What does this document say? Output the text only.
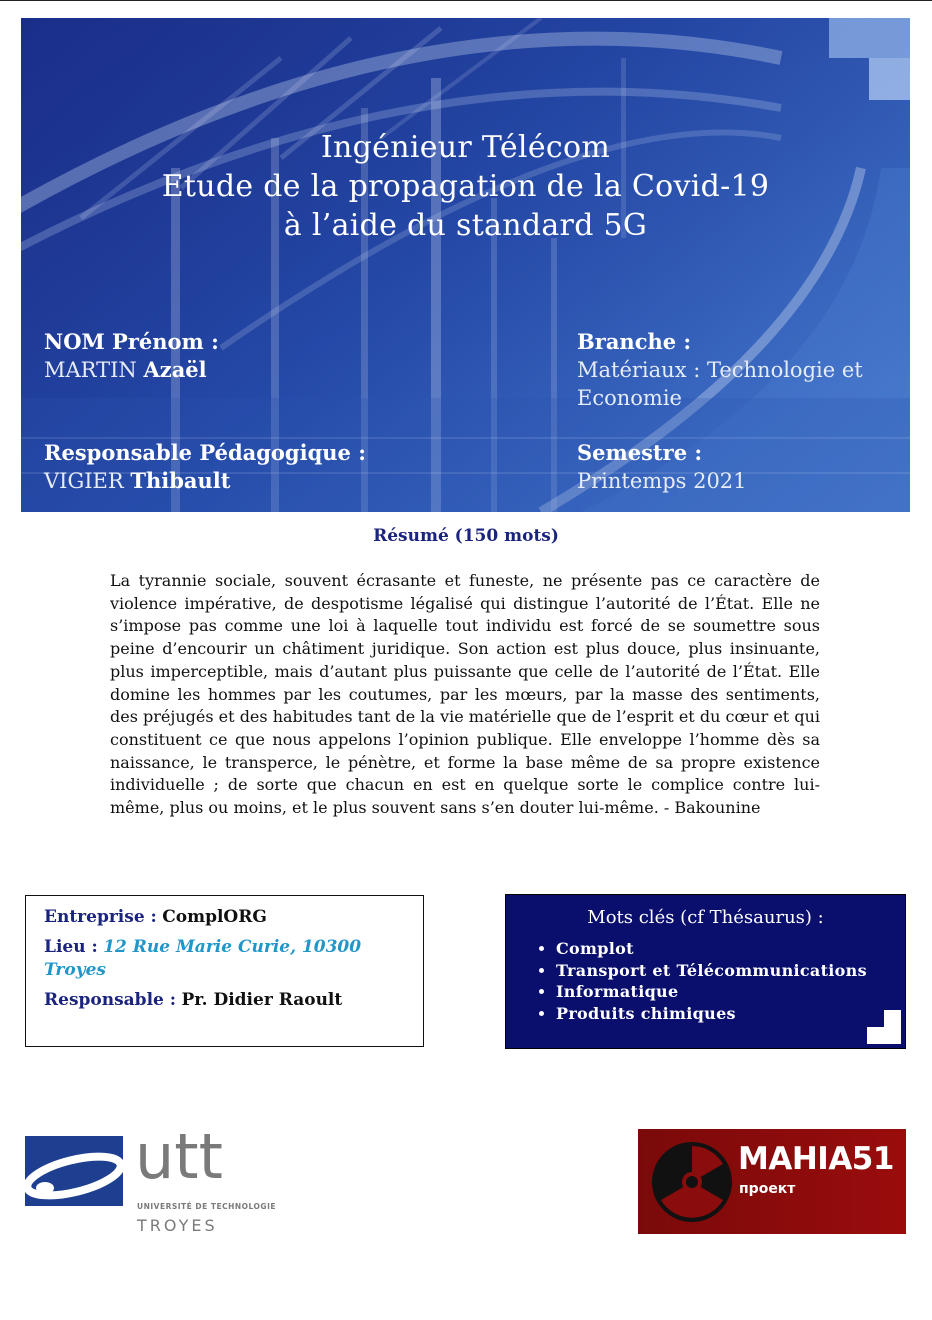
Ingénieur Télécom
Etude de la propagation de la Covid-19
à l’aide du standard 5G
NOM Prénom :
MARTIN Azaël
Branche :
Matériaux : Technologie et Economie
Responsable Pédagogique :
VIGIER Thibault
Semestre :
Printemps 2021
Résumé (150 mots)
La tyrannie sociale, souvent écrasante et funeste, ne présente pas ce caractère de violence impérative, de despotisme légalisé qui distingue l’autorité de l’État. Elle ne s’impose pas comme une loi à laquelle tout individu est forcé de se soumettre sous peine d’encourir un châtiment juridique. Son action est plus douce, plus insinuante, plus imperceptible, mais d’autant plus puissante que celle de l’autorité de l’État. Elle domine les hommes par les coutumes, par les mœurs, par la masse des sentiments, des préjugés et des habitudes tant de la vie matérielle que de l’esprit et du cœur et qui constituent ce que nous appelons l’opinion publique. Elle enveloppe l’homme dès sa naissance, le transperce, le pénètre, et forme la base même de sa propre existence individuelle ; de sorte que chacun en est en quelque sorte le complice contre lui-même, plus ou moins, et le plus souvent sans s’en douter lui-même. - Bakounine
Entreprise : ComplORG
Lieu : 12 Rue Marie Curie, 10300 Troyes
Responsable : Pr. Didier Raoult
Mots clés (cf Thésaurus) :
• Complot
• Transport et Télécommunications
• Informatique
• Produits chimiques
utt
UNIVERSITÉ DE TECHNOLOGIE
TROYES
MAHIA51
проект
